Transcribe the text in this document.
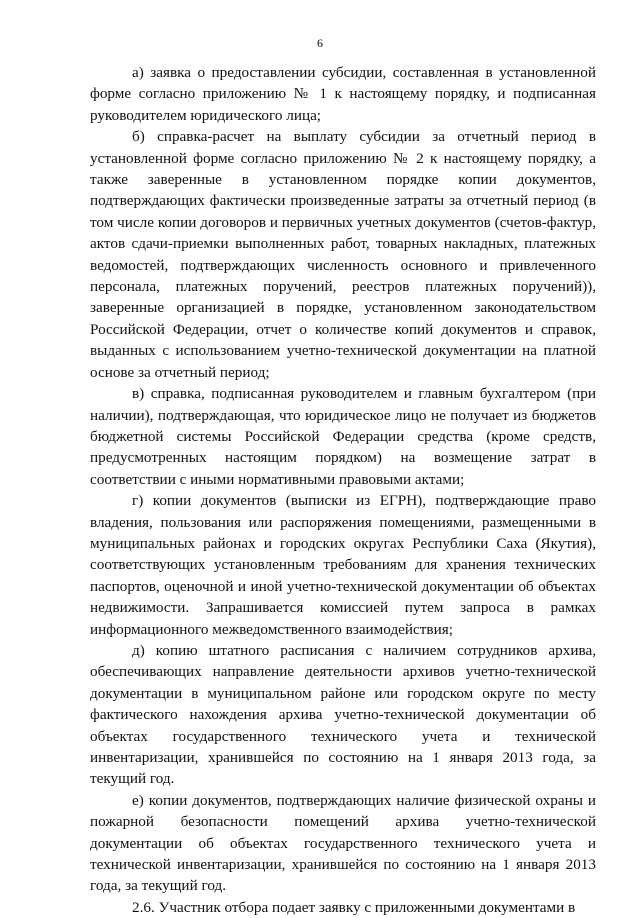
6

а) заявка о предоставлении субсидии, составленная в установленной форме согласно приложению № 1 к настоящему порядку, и подписанная руководителем юридического лица;

б) справка-расчет на выплату субсидии за отчетный период в установленной форме согласно приложению № 2 к настоящему порядку, а также заверенные в установленном порядке копии документов, подтверждающих фактически произведенные затраты за отчетный период (в том числе копии договоров и первичных учетных документов (счетов-фактур, актов сдачи-приемки выполненных работ, товарных накладных, платежных ведомостей, подтверждающих численность основного и привлеченного персонала, платежных поручений, реестров платежных поручений)), заверенные организацией в порядке, установленном законодательством Российской Федерации, отчет о количестве копий документов и справок, выданных с использованием учетно-технической документации на платной основе за отчетный период;

в) справка, подписанная руководителем и главным бухгалтером (при наличии), подтверждающая, что юридическое лицо не получает из бюджетов бюджетной системы Российской Федерации средства (кроме средств, предусмотренных настоящим порядком) на возмещение затрат в соответствии с иными нормативными правовыми актами;

г) копии документов (выписки из ЕГРН), подтверждающие право владения, пользования или распоряжения помещениями, размещенными в муниципальных районах и городских округах Республики Саха (Якутия), соответствующих установленным требованиям для хранения технических паспортов, оценочной и иной учетно-технической документации об объектах недвижимости. Запрашивается комиссией путем запроса в рамках информационного межведомственного взаимодействия;

д) копию штатного расписания с наличием сотрудников архива, обеспечивающих направление деятельности архивов учетно-технической документации в муниципальном районе или городском округе по месту фактического нахождения архива учетно-технической документации об объектах государственного технического учета и технической инвентаризации, хранившейся по состоянию на 1 января 2013 года, за текущий год.

е) копии документов, подтверждающих наличие физической охраны и пожарной безопасности помещений архива учетно-технической документации об объектах государственного технического учета и технической инвентаризации, хранившейся по состоянию на 1 января 2013 года, за текущий год.

2.6. Участник отбора подает заявку с приложенными документами в
